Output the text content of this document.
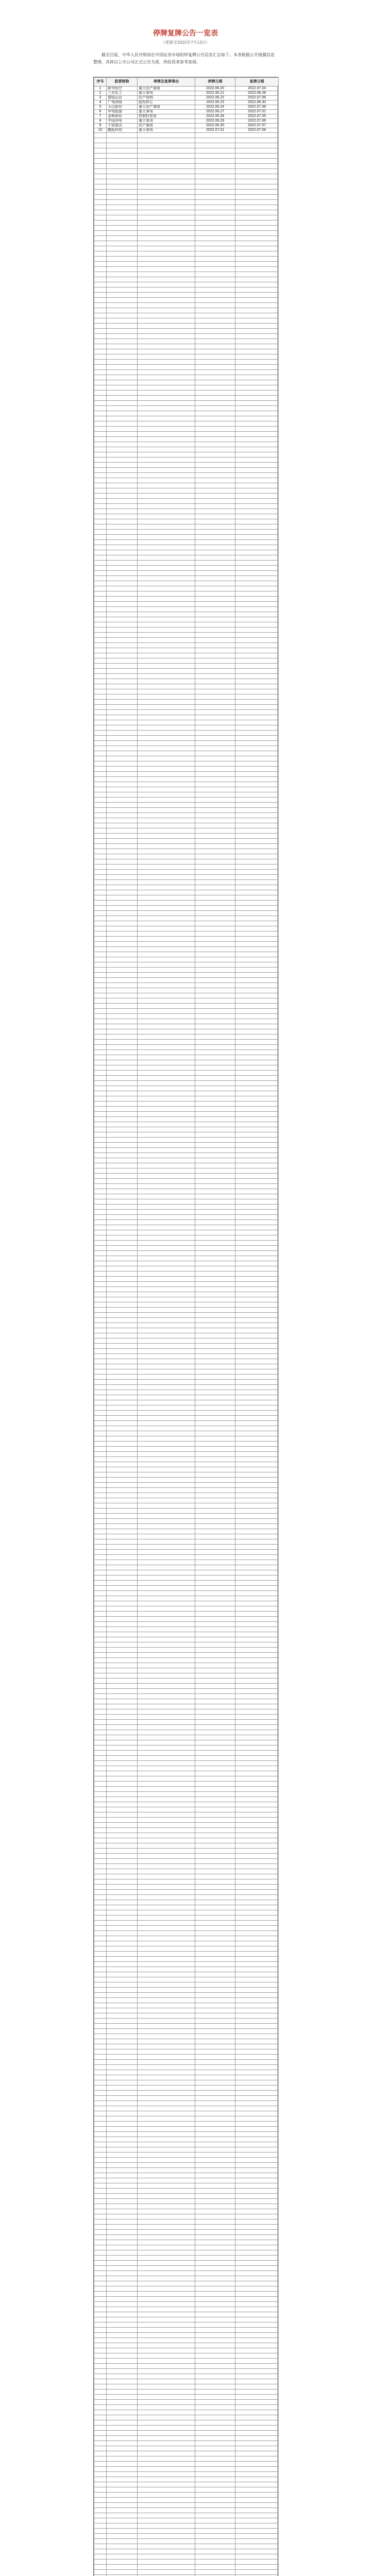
停牌复牌公告一览表
（更新至2022年7月13日）
截至目前，中华人民共和国在中国证券市场的停复牌公告信息汇总如下。本表根据公开披露信息整理，具体以上市公司正式公告为准，供投资者参考查阅。
序号	股票简称	停牌及复牌事由	停牌日期	复牌日期
1	新华医疗	重大资产重组	2022.06.20	2022.07.04
2	三友化工	重大事项	2022.06.21	2022.06.28
3	富临运业	资产收购	2022.06.22	2022.07.06
4	广电网络	股权转让	2022.06.23	2022.06.30
5	天山股份	重大资产重组	2022.06.24	2022.07.08
6	华电能源	重大事项	2022.06.27	2022.07.01
7	金枫酒业	控制权变更	2022.06.28	2022.07.05
8	中国西电	重大事项	2022.06.29	2022.07.06
9	宁波富达	资产重组	2022.06.30	2022.07.07
10	鹏起科技	重大事项	2022.07.01	2022.07.08
